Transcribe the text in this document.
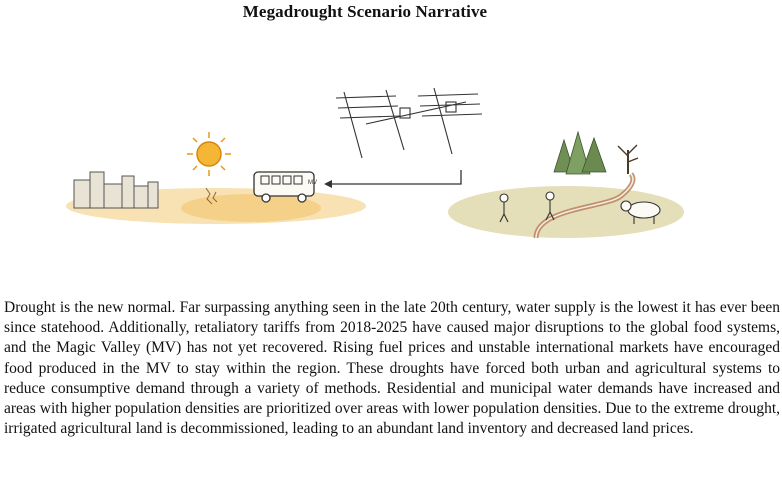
Megadrought Scenario Narrative
MV

Drought is the new normal. Far surpassing anything seen in the late 20th century, water supply is the lowest it has ever been since statehood. Additionally, retaliatory tariffs from 2018-2025 have caused major disruptions to the global food systems, and the Magic Valley (MV) has not yet recovered. Rising fuel prices and unstable international markets have encouraged food produced in the MV to stay within the region. These droughts have forced both urban and agricultural systems to reduce consumptive demand through a variety of methods. Residential and municipal water demands have increased and areas with higher population densities are prioritized over areas with lower population densities. Due to the extreme drought, irrigated agricultural land is decommissioned, leading to an abundant land inventory and decreased land prices.
